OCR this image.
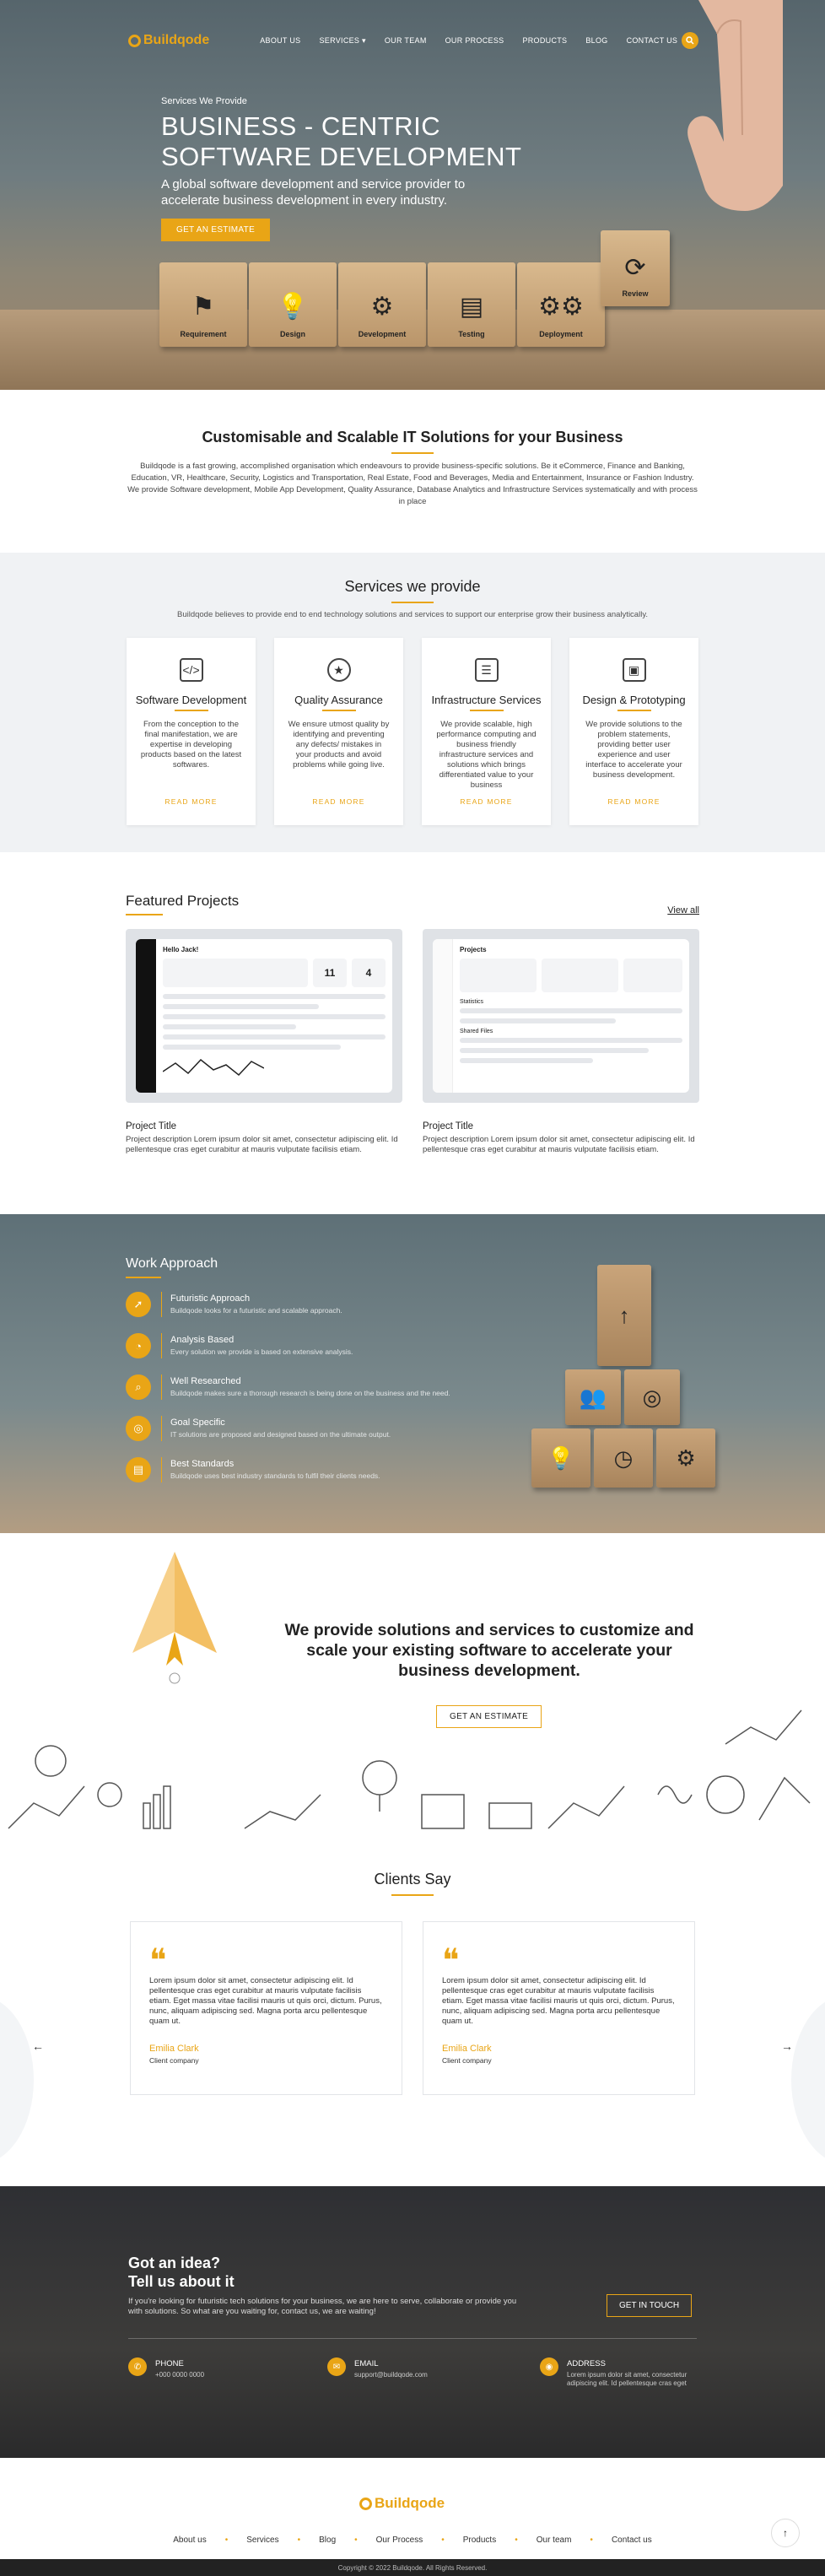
Buildqode	ABOUT US SERVICES ▾ OUR TEAM OUR PROCESS PRODUCTS BLOG CONTACT US
Services We Provide
BUSINESS - CENTRIC
SOFTWARE DEVELOPMENT

A global software development and service provider to accelerate business development in every industry.

GET AN ESTIMATE
⚑
Requirement
💡
Design
⚙
Development
▤
Testing
⚙⚙
Deployment
⟳
Review
Customisable and Scalable IT Solutions for your Business

Buildqode is a fast growing, accomplished organisation which endeavours to provide business-specific solutions. Be it eCommerce, Finance and Banking, Education, VR, Healthcare, Security, Logistics and Transportation, Real Estate, Food and Beverages, Media and Entertainment, Insurance or Fashion Industry. We provide Software development, Mobile App Development, Quality Assurance, Database Analytics and Infrastructure Services systematically and with process in place

Services we provide

Buildqode believes to provide end to end technology solutions and services to support our enterprise grow their business analytically.

</>
Software Development

From the conception to the final manifestation, we are expertise in developing products based on the latest softwares.

READ MORE
★
Quality Assurance

We ensure utmost quality by identifying and preventing any defects/ mistakes in your products and avoid problems while going live.

READ MORE
☰
Infrastructure Services

We provide scalable, high performance computing and business friendly infrastructure services and solutions which brings differentiated value to your business

READ MORE
▣
Design & Prototyping

We provide solutions to the problem statements, providing better user experience and user interface to accelerate your business development.

READ MORE
Featured Projects
View all
Hello Jack!
11	4
Project Title

Project description Lorem ipsum dolor sit amet, consectetur adipiscing elit. Id pellentesque cras eget curabitur at mauris vulputate facilisis etiam.

Projects
Statistics
Shared Files
Project Title

Project description Lorem ipsum dolor sit amet, consectetur adipiscing elit. Id pellentesque cras eget curabitur at mauris vulputate facilisis etiam.

Work Approach
➚	Futuristic Approach

Buildqode looks for a futuristic and scalable approach.

◔	Analysis Based

Every solution we provide is based on extensive analysis.

⌕	Well Researched

Buildqode makes sure a thorough research is being done on the business and the need.

◎	Goal Specific

IT solutions are proposed and designed based on the ultimate output.

▤	Best Standards

Buildqode uses best industry standards to fulfil their clients needs.

↑
👥	◎
💡	◷	⚙
We provide solutions and services to customize and scale your existing software to accelerate your business development.
GET AN ESTIMATE
Clients Say
❝

Lorem ipsum dolor sit amet, consectetur adipiscing elit. Id pellentesque cras eget curabitur at mauris vulputate facilisis etiam. Eget massa vitae facilisi mauris ut quis orci, dictum. Purus, nunc, aliquam adipiscing sed. Magna porta arcu pellentesque quam ut.

Emilia Clark
Client company
❝

Lorem ipsum dolor sit amet, consectetur adipiscing elit. Id pellentesque cras eget curabitur at mauris vulputate facilisis etiam. Eget massa vitae facilisi mauris ut quis orci, dictum. Purus, nunc, aliquam adipiscing sed. Magna porta arcu pellentesque quam ut.

Emilia Clark
Client company
←	→
Got an idea?
Tell us about it

If you're looking for futuristic tech solutions for your business, we are here to serve, collaborate or provide you with solutions. So what are you waiting for, contact us, we are waiting!

GET IN TOUCH
✆	PHONE

+000 0000 0000

✉	EMAIL

support@buildqode.com

◉	ADDRESS

Lorem ipsum dolor sit amet, consectetur adipiscing elit. Id pellentesque cras eget

Buildqode
About us • Services • Blog • Our Process • Products • Our team • Contact us
↑
Copyright © 2022 Buildqode. All Rights Reserved.
